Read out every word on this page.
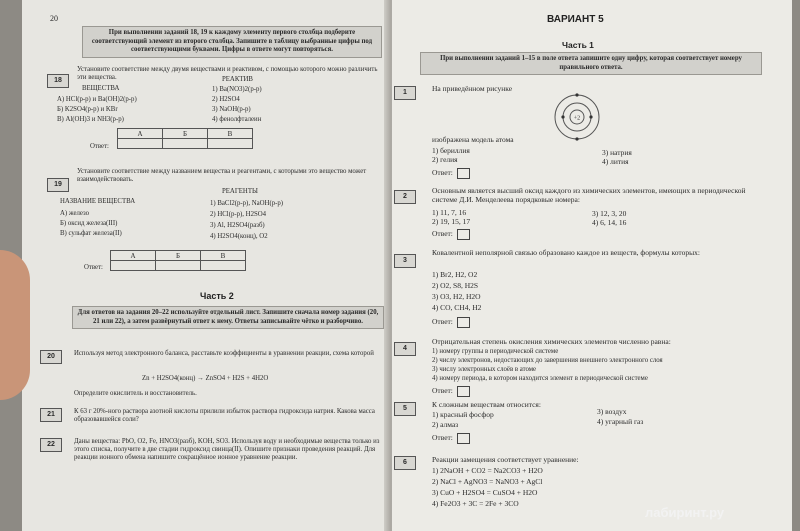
20
При выполнении заданий 18, 19 к каждому элементу первого столбца подберите соответствующий элемент из второго столбца. Запишите в таблицу выбранные цифры под соответствующими буквами. Цифры в ответе могут повторяться.
18
Установите соответствие между двумя веществами и реактивом, с помощью которого можно различить эти вещества.
ВЕЩЕСТВА
РЕАКТИВ
А) HCl(р-р) и Ba(OH)2(р-р)
Б) K2SO4(р-р) и KBr
В) Al(OH)3 и NH3(р-р)
1) Ba(NO3)2(р-р)
2) H2SO4
3) NaOH(р-р)
4) фенолфталеин
Ответ:
А	Б	В

19
Установите соответствие между названием вещества и реагентами, с которыми это вещество может взаимодействовать.
РЕАГЕНТЫ
НАЗВАНИЕ ВЕЩЕСТВА
А) железо
Б) оксид железа(III)
В) сульфат железа(II)
1) BaCl2(р-р), NaOH(р-р)
2) HCl(р-р), H2SO4
3) Al, H2SO4(разб)
4) H2SO4(конц), O2
Ответ:
А	Б	В

Часть 2
Для ответов на задания 20–22 используйте отдельный лист. Запишите сначала номер задания (20, 21 или 22), а затем развёрнутый ответ к нему. Ответы записывайте чётко и разборчиво.
20	Используя метод электронного баланса, расставьте коэффициенты в уравнении реакции, схема которой
Zn + H2SO4(конц) → ZnSO4 + H2S + 4H2O
Определите окислитель и восстановитель.
21	К 63 г 20%-ного раствора азотной кислоты прилили избыток раствора гидроксида натрия. Какова масса образовавшейся соли?
22	Даны вещества: PbO, O2, Fe, HNO3(разб), KOH, SO3. Используя воду и необходимые вещества только из этого списка, получите в две стадии гидроксид свинца(II). Опишите признаки проведения реакций. Для реакции ионного обмена напишите сокращённое ионное уравнение реакции.
ВАРИАНТ 5
Часть 1
При выполнении заданий 1–15 в поле ответа запишите одну цифру, которая соответствует номеру правильного ответа.
1	На приведённом рисунке
+2
изображена модель атома
1) бериллия
2) гелия
3) натрия
4) лития
Ответ:
2
Основным является высший оксид каждого из химических элементов, имеющих в периодической системе Д.И. Менделеева порядковые номера:
1) 11, 7, 16
2) 19, 15, 17
3) 12, 3, 20
4) 6, 14, 16
Ответ:
3
Ковалентной неполярной связью образовано каждое из веществ, формулы которых:
1) Br2, H2, O2
2) O2, S8, H2S
3) O3, H2, H2O
4) CO, CH4, H2
Ответ:
4
Отрицательная степень окисления химических элементов численно равна:
1) номеру группы в периодической системе
2) числу электронов, недостающих до завершения внешнего электронного слоя
3) числу электронных слоёв в атоме
4) номеру периода, в котором находится элемент в периодической системе
Ответ:
5	К сложным веществам относится:
1) красный фосфор
2) алмаз
3) воздух
4) угарный газ
Ответ:
6	Реакции замещения соответствует уравнение:
1) 2NaOH + CO2 = Na2CO3 + H2O
2) NaCl + AgNO3 = NaNO3 + AgCl
3) CuO + H2SO4 = CuSO4 + H2O
4) Fe2O3 + 3C = 2Fe + 3CO
лабиринт.ру
